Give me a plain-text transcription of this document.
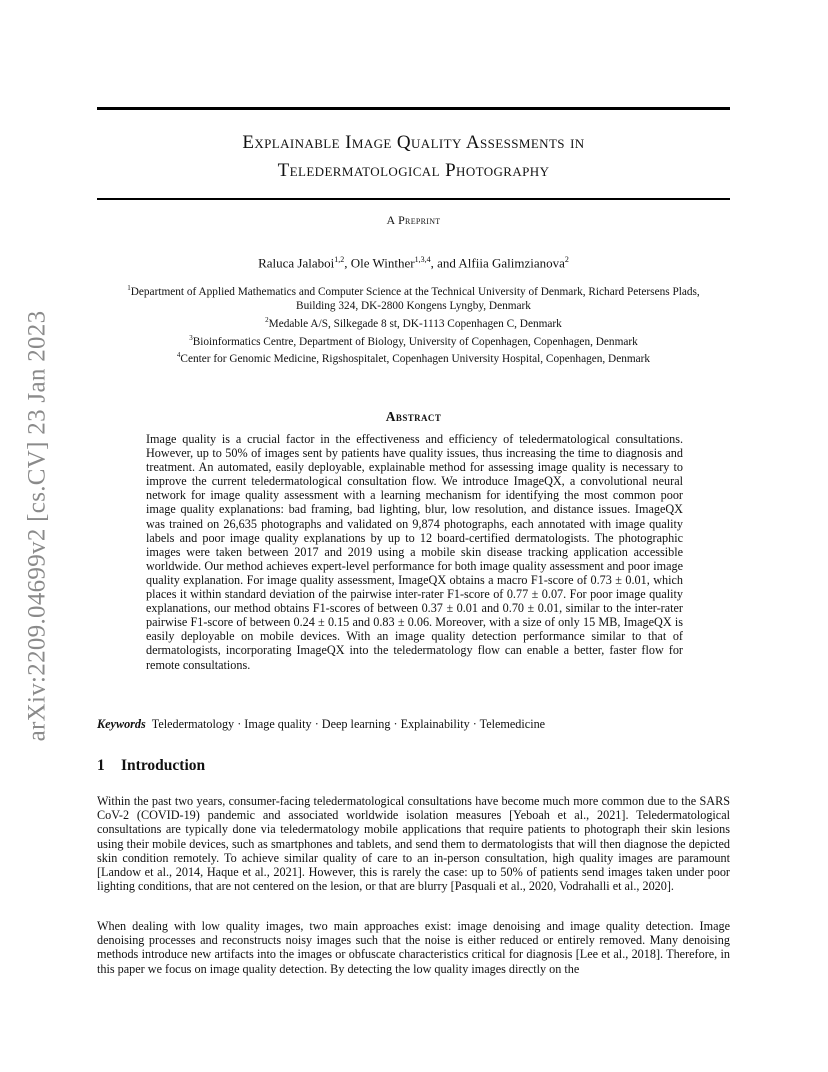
arXiv:2209.04699v2 [cs.CV] 23 Jan 2023
Explainable Image Quality Assessments in
Teledermatological Photography
A Preprint
Raluca Jalaboi$^{1,2}$, Ole Winther$^{1,3,4}$, and Alfiia Galimzianova$^2$
$^1$Department of Applied Mathematics and Computer Science at the Technical University of Denmark, Richard Petersens Plads,
Building 324, DK-2800 Kongens Lyngby, Denmark
$^2$Medable A/S, Silkegade 8 st, DK-1113 Copenhagen C, Denmark
$^3$Bioinformatics Centre, Department of Biology, University of Copenhagen, Copenhagen, Denmark
$^4$Center for Genomic Medicine, Rigshospitalet, Copenhagen University Hospital, Copenhagen, Denmark
Abstract
Image quality is a crucial factor in the effectiveness and efficiency of teledermatological consultations. However, up to 50% of images sent by patients have quality issues, thus increasing the time to diagnosis and treatment. An automated, easily deployable, explainable method for assessing image quality is necessary to improve the current teledermatological consultation flow. We introduce ImageQX, a convolutional neural network for image quality assessment with a learning mechanism for identifying the most common poor image quality explanations: bad framing, bad lighting, blur, low resolution, and distance issues. ImageQX was trained on 26,635 photographs and validated on 9,874 photographs, each annotated with image quality labels and poor image quality explanations by up to 12 board-certified dermatologists. The photographic images were taken between 2017 and 2019 using a mobile skin disease tracking application accessible worldwide. Our method achieves expert-level performance for both image quality assessment and poor image quality explanation. For image quality assessment, ImageQX obtains a macro F1-score of 0.73 ± 0.01, which places it within standard deviation of the pairwise inter-rater F1-score of 0.77 ± 0.07. For poor image quality explanations, our method obtains F1-scores of between 0.37 ± 0.01 and 0.70 ± 0.01, similar to the inter-rater pairwise F1-score of between 0.24 ± 0.15 and 0.83 ± 0.06. Moreover, with a size of only 15 MB, ImageQX is easily deployable on mobile devices. With an image quality detection performance similar to that of dermatologists, incorporating ImageQX into the teledermatology flow can enable a better, faster flow for remote consultations.
Keywords Teledermatology · Image quality · Deep learning · Explainability · Telemedicine
1 Introduction
Within the past two years, consumer-facing teledermatological consultations have become much more common due to the SARS CoV-2 (COVID-19) pandemic and associated worldwide isolation measures [Yeboah et al., 2021]. Teledermatological consultations are typically done via teledermatology mobile applications that require patients to photograph their skin lesions using their mobile devices, such as smartphones and tablets, and send them to dermatologists that will then diagnose the depicted skin condition remotely. To achieve similar quality of care to an in-person consultation, high quality images are paramount [Landow et al., 2014, Haque et al., 2021]. However, this is rarely the case: up to 50% of patients send images taken under poor lighting conditions, that are not centered on the lesion, or that are blurry [Pasquali et al., 2020, Vodrahalli et al., 2020].
When dealing with low quality images, two main approaches exist: image denoising and image quality detection. Image denoising processes and reconstructs noisy images such that the noise is either reduced or entirely removed. Many denoising methods introduce new artifacts into the images or obfuscate characteristics critical for diagnosis [Lee et al., 2018]. Therefore, in this paper we focus on image quality detection. By detecting the low quality images directly on the
